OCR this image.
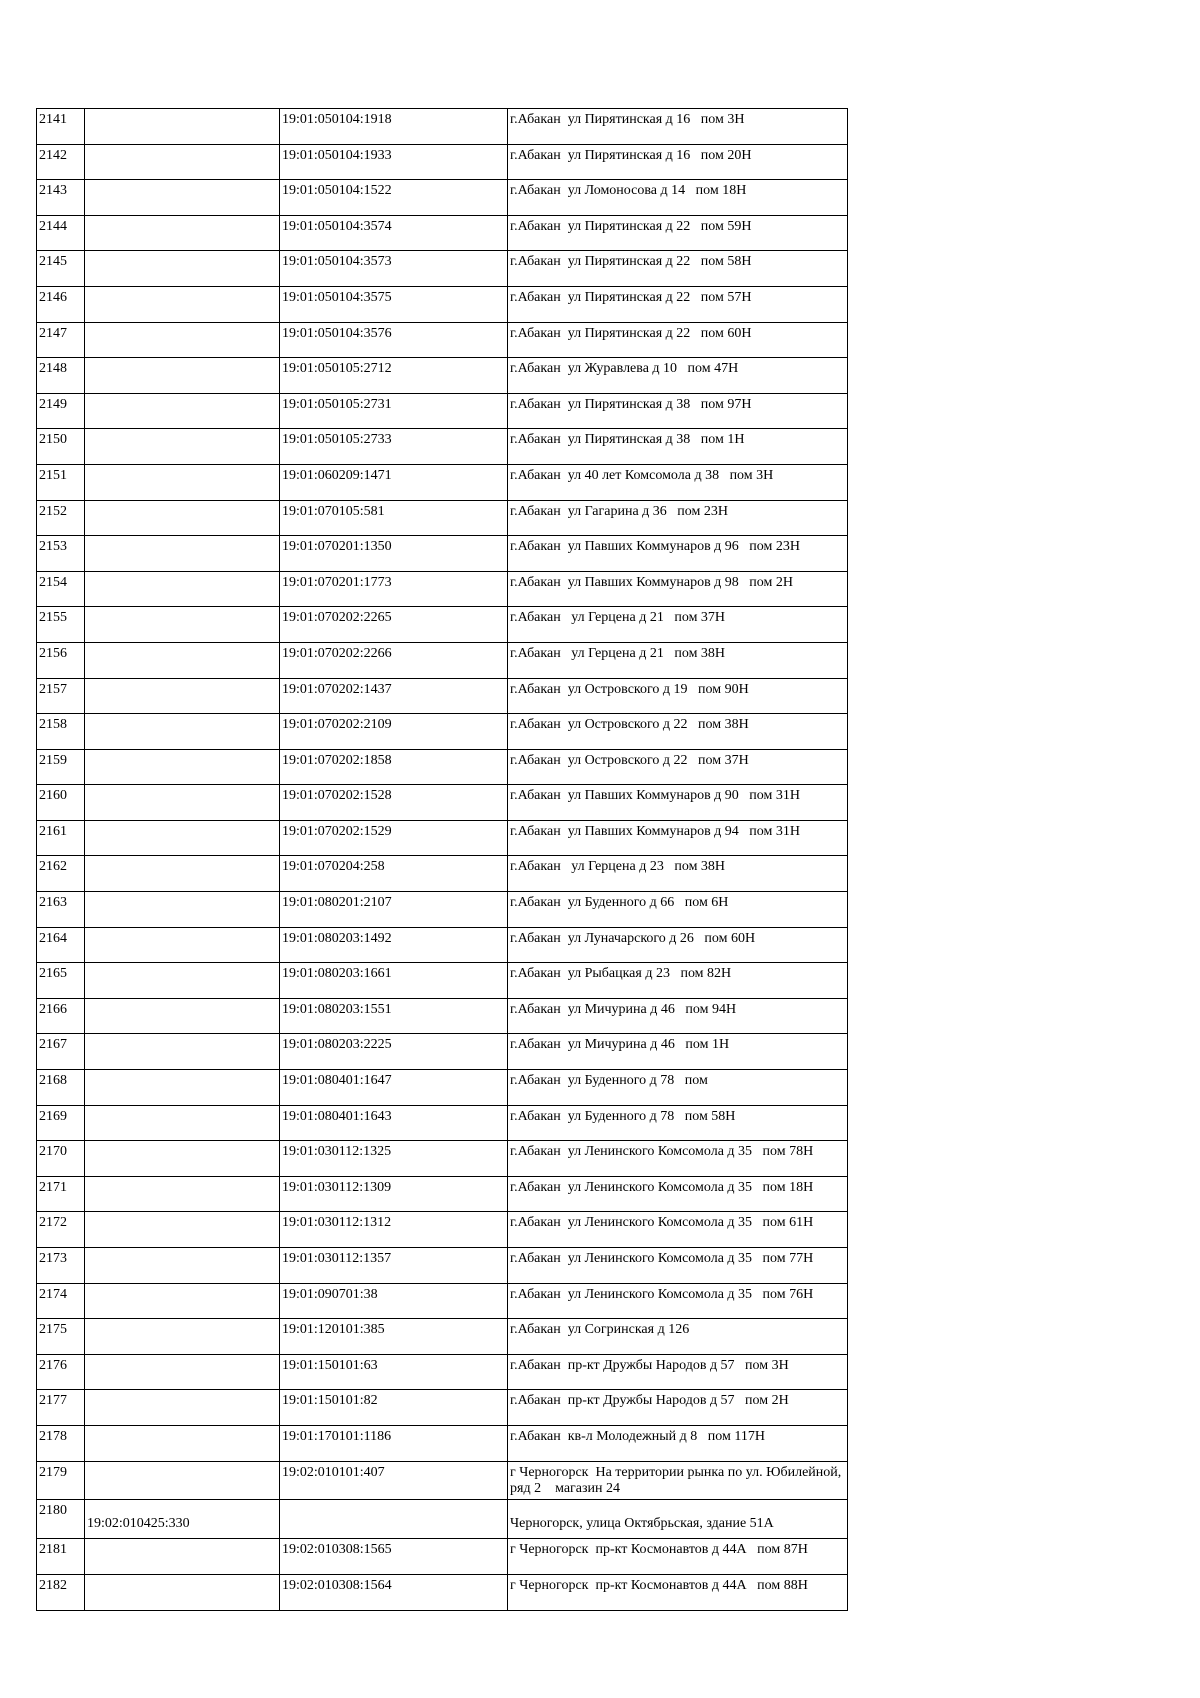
2141		19:01:050104:1918	г.Абакан  ул Пирятинская д 16   пом 3Н
2142		19:01:050104:1933	г.Абакан  ул Пирятинская д 16   пом 20Н
2143		19:01:050104:1522	г.Абакан  ул Ломоносова д 14   пом 18Н
2144		19:01:050104:3574	г.Абакан  ул Пирятинская д 22   пом 59Н
2145		19:01:050104:3573	г.Абакан  ул Пирятинская д 22   пом 58Н
2146		19:01:050104:3575	г.Абакан  ул Пирятинская д 22   пом 57Н
2147		19:01:050104:3576	г.Абакан  ул Пирятинская д 22   пом 60Н
2148		19:01:050105:2712	г.Абакан  ул Журавлева д 10   пом 47Н
2149		19:01:050105:2731	г.Абакан  ул Пирятинская д 38   пом 97Н
2150		19:01:050105:2733	г.Абакан  ул Пирятинская д 38   пом 1Н
2151		19:01:060209:1471	г.Абакан  ул 40 лет Комсомола д 38   пом 3Н
2152		19:01:070105:581	г.Абакан  ул Гагарина д 36   пом 23Н
2153		19:01:070201:1350	г.Абакан  ул Павших Коммунаров д 96   пом 23Н
2154		19:01:070201:1773	г.Абакан  ул Павших Коммунаров д 98   пом 2Н
2155		19:01:070202:2265	г.Абакан   ул Герцена д 21   пом 37Н
2156		19:01:070202:2266	г.Абакан   ул Герцена д 21   пом 38Н
2157		19:01:070202:1437	г.Абакан  ул Островского д 19   пом 90Н
2158		19:01:070202:2109	г.Абакан  ул Островского д 22   пом 38Н
2159		19:01:070202:1858	г.Абакан  ул Островского д 22   пом 37Н
2160		19:01:070202:1528	г.Абакан  ул Павших Коммунаров д 90   пом 31Н
2161		19:01:070202:1529	г.Абакан  ул Павших Коммунаров д 94   пом 31Н
2162		19:01:070204:258	г.Абакан   ул Герцена д 23   пом 38Н
2163		19:01:080201:2107	г.Абакан  ул Буденного д 66   пом 6Н
2164		19:01:080203:1492	г.Абакан  ул Луначарского д 26   пом 60Н
2165		19:01:080203:1661	г.Абакан  ул Рыбацкая д 23   пом 82Н
2166		19:01:080203:1551	г.Абакан  ул Мичурина д 46   пом 94Н
2167		19:01:080203:2225	г.Абакан  ул Мичурина д 46   пом 1Н
2168		19:01:080401:1647	г.Абакан  ул Буденного д 78   пом
2169		19:01:080401:1643	г.Абакан  ул Буденного д 78   пом 58Н
2170		19:01:030112:1325	г.Абакан  ул Ленинского Комсомола д 35   пом 78Н
2171		19:01:030112:1309	г.Абакан  ул Ленинского Комсомола д 35   пом 18Н
2172		19:01:030112:1312	г.Абакан  ул Ленинского Комсомола д 35   пом 61Н
2173		19:01:030112:1357	г.Абакан  ул Ленинского Комсомола д 35   пом 77Н
2174		19:01:090701:38	г.Абакан  ул Ленинского Комсомола д 35   пом 76Н
2175		19:01:120101:385	г.Абакан  ул Согринская д 126
2176		19:01:150101:63	г.Абакан  пр-кт Дружбы Народов д 57   пом 3Н
2177		19:01:150101:82	г.Абакан  пр-кт Дружбы Народов д 57   пом 2Н
2178		19:01:170101:1186	г.Абакан  кв-л Молодежный д 8   пом 117Н
2179		19:02:010101:407	г Черногорск  На территории рынка по ул. Юбилейной, ряд 2    магазин 24
2180	19:02:010425:330		Черногорск, улица Октябрьская, здание 51А

2181		19:02:010308:1565	г Черногорск  пр-кт Космонавтов д 44А   пом 87Н
2182		19:02:010308:1564	г Черногорск  пр-кт Космонавтов д 44А   пом 88Н
